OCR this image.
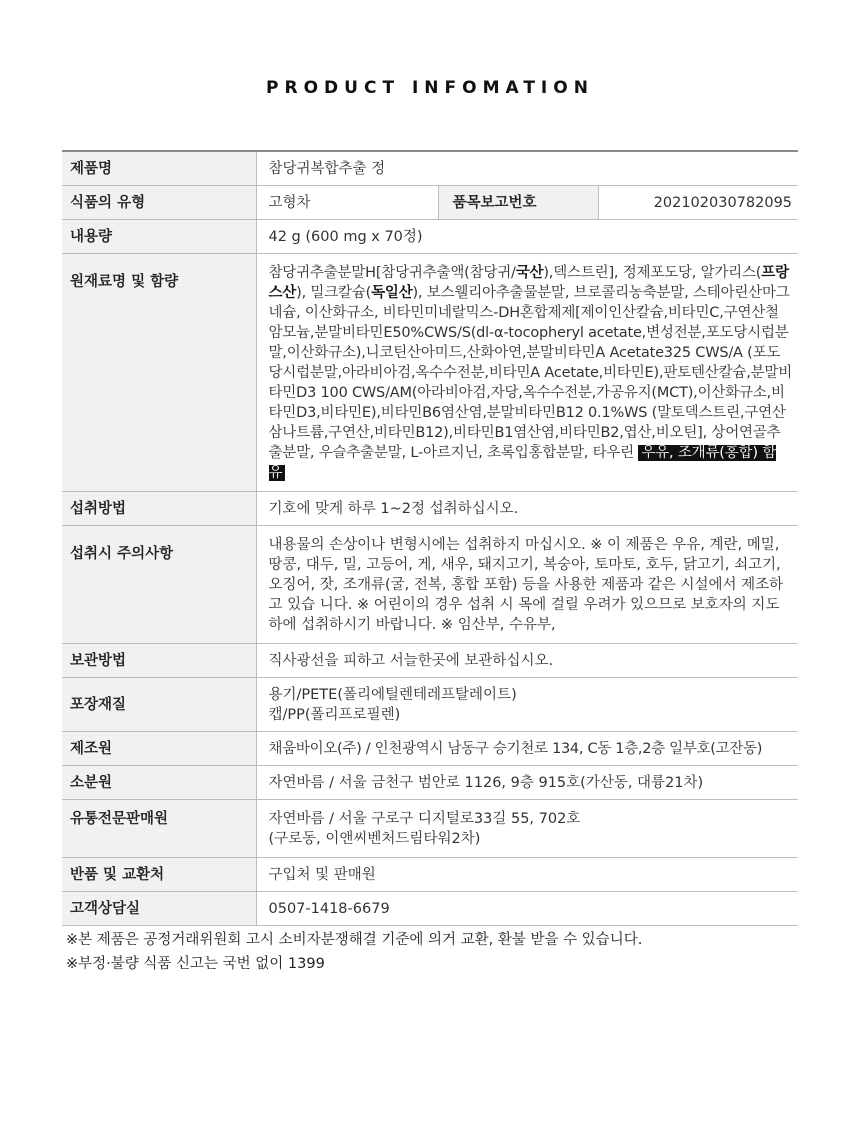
PRODUCT INFOMATION
제품명	참당귀복합추출 정		
식품의 유형	고형차	품목보고번호	202102030782095
내용량	42 g (600 mg x 70정)		
원재료명 및 함량	참당귀추출분말H[참당귀추출액(참당귀/국산),덱스트린], 정제포도당, 알가리스(프랑스산), 밀크칼슘(독일산), 보스웰리아추출물분말, 브로콜리농축분말, 스테아린산마그네슘, 이산화규소, 비타민미네랄믹스-DH혼합제제[제이인산칼슘,비타민C,구연산철암모늄,분말비타민E50%CWS/S(dl-α-tocopheryl acetate,변성전분,포도당시럽분말,이산화규소),니코틴산아미드,산화아연,분말비타민A Acetate325 CWS/A (포도당시럽분말,아라비아검,옥수수전분,비타민A Acetate,비타민E),판토텐산칼슘,분말비타민D3 100 CWS/AM(아라비아검,자당,옥수수전분,가공유지(MCT),이산화규소,비타민D3,비타민E),비타민B6염산염,분말비타민B12 0.1%WS (말토덱스트린,구연산삼나트륨,구연산,비타민B12),비타민B1염산염,비타민B2,엽산,비오틴], 상어연골추출분말, 우슬추출분말, L-아르지닌, 초록입홍합분말, 타우린 우유, 조개류(홍합) 함유		
섭취방법	기호에 맞게 하루 1~2정 섭취하십시오.		
섭취시 주의사항	내용물의 손상이나 변형시에는 섭취하지 마십시오. ※ 이 제품은 우유, 계란, 메밀, 땅콩, 대두, 밀, 고등어, 게, 새우, 돼지고기, 복숭아, 토마토, 호두, 닭고기, 쇠고기, 오징어, 잣, 조개류(굴, 전복, 홍합 포함) 등을 사용한 제품과 같은 시설에서 제조하고 있습 니다. ※ 어린이의 경우 섭취 시 목에 걸릴 우려가 있으므로 보호자의 지도하에 섭취하시기 바랍니다. ※ 임산부, 수유부,		
보관방법	직사광선을 피하고 서늘한곳에 보관하십시오.		
포장재질	용기/PETE(폴리에틸렌테레프탈레이트)
캡/PP(폴리프로필렌)		

제조원	채움바이오(주) / 인천광역시 남동구 승기천로 134, C동 1층,2층 일부호(고잔동)		
소분원	자연바름 / 서울 금천구 범안로 1126, 9층 915호(가산동, 대륭21차)		
유통전문판매원	자연바름 / 서울 구로구 디지털로33길 55, 702호
(구로동, 이앤씨벤처드림타워2차)		

반품 및 교환처	구입처 및 판매원		
고객상담실	0507-1418-6679		
※본 제품은 공정거래위원회 고시 소비자분쟁해결 기준에 의거 교환, 환불 받을 수 있습니다.
※부정·불량 식품 신고는 국번 없이 1399
